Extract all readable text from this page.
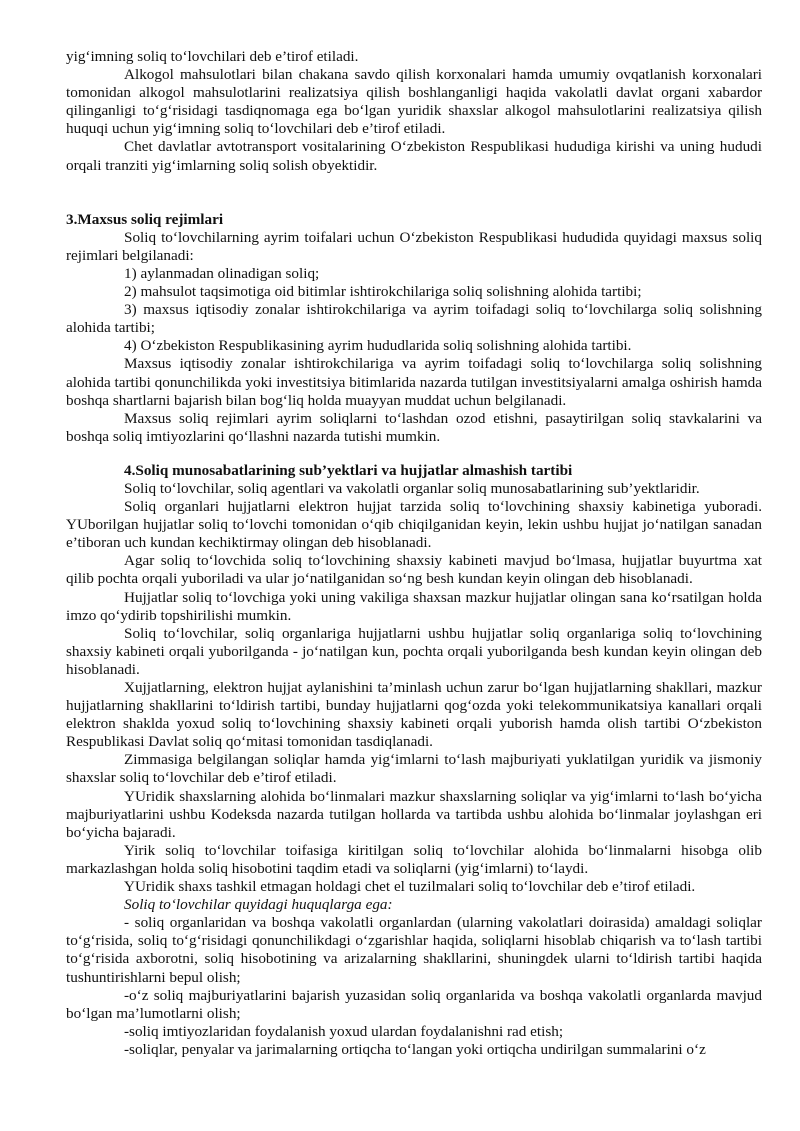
yig‘imning soliq to‘lovchilari deb e’tirof etiladi.

Alkogol mahsulotlari bilan chakana savdo qilish korxonalari hamda umumiy ovqatlanish korxonalari tomonidan alkogol mahsulotlarini realizatsiya qilish boshlanganligi haqida vakolatli davlat organi xabardor qilinganligi to‘g‘risidagi tasdiqnomaga ega bo‘lgan yuridik shaxslar alkogol mahsulotlarini realizatsiya qilish huquqi uchun yig‘imning soliq to‘lovchilari deb e’tirof etiladi.

Chet davlatlar avtotransport vositalarining O‘zbekiston Respublikasi hududiga kirishi va uning hududi orqali tranziti yig‘imlarning soliq solish obyektidir.

3.Maxsus soliq rejimlari

Soliq to‘lovchilarning ayrim toifalari uchun O‘zbekiston Respublikasi hududida quyidagi maxsus soliq rejimlari belgilanadi:

1) aylanmadan olinadigan soliq;

2) mahsulot taqsimotiga oid bitimlar ishtirokchilariga soliq solishning alohida tartibi;

3) maxsus iqtisodiy zonalar ishtirokchilariga va ayrim toifadagi soliq to‘lovchilarga soliq solishning alohida tartibi;

4) O‘zbekiston Respublikasining ayrim hududlarida soliq solishning alohida tartibi.

Maxsus iqtisodiy zonalar ishtirokchilariga va ayrim toifadagi soliq to‘lovchilarga soliq solishning alohida tartibi qonunchilikda yoki investitsiya bitimlarida nazarda tutilgan investitsiyalarni amalga oshirish hamda boshqa shartlarni bajarish bilan bog‘liq holda muayyan muddat uchun belgilanadi.

Maxsus soliq rejimlari ayrim soliqlarni to‘lashdan ozod etishni, pasaytirilgan soliq stavkalarini va boshqa soliq imtiyozlarini qo‘llashni nazarda tutishi mumkin.

4.Soliq munosabatlarining sub’yektlari va hujjatlar almashish tartibi

Soliq to‘lovchilar, soliq agentlari va vakolatli organlar soliq munosabatlarining sub’yektlaridir.

Soliq organlari hujjatlarni elektron hujjat tarzida soliq to‘lovchining shaxsiy kabinetiga yuboradi. YUborilgan hujjatlar soliq to‘lovchi tomonidan o‘qib chiqilganidan keyin, lekin ushbu hujjat jo‘natilgan sanadan e’tiboran uch kundan kechiktirmay olingan deb hisoblanadi.

Agar soliq to‘lovchida soliq to‘lovchining shaxsiy kabineti mavjud bo‘lmasa, hujjatlar buyurtma xat qilib pochta orqali yuboriladi va ular jo‘natilganidan so‘ng besh kundan keyin olingan deb hisoblanadi.

Hujjatlar soliq to‘lovchiga yoki uning vakiliga shaxsan mazkur hujjatlar olingan sana ko‘rsatilgan holda imzo qo‘ydirib topshirilishi mumkin.

Soliq to‘lovchilar, soliq organlariga hujjatlarni ushbu hujjatlar soliq organlariga soliq to‘lovchining shaxsiy kabineti orqali yuborilganda - jo‘natilgan kun, pochta orqali yuborilganda besh kundan keyin olingan deb hisoblanadi.

Xujjatlarning, elektron hujjat aylanishini ta’minlash uchun zarur bo‘lgan hujjatlarning shakllari, mazkur hujjatlarning shakllarini to‘ldirish tartibi, bunday hujjatlarni qog‘ozda yoki telekommunikatsiya kanallari orqali elektron shaklda yoxud soliq to‘lovchining shaxsiy kabineti orqali yuborish hamda olish tartibi O‘zbekiston Respublikasi Davlat soliq qo‘mitasi tomonidan tasdiqlanadi.

Zimmasiga belgilangan soliqlar hamda yig‘imlarni to‘lash majburiyati yuklatilgan yuridik va jismoniy shaxslar soliq to‘lovchilar deb e’tirof etiladi.

YUridik shaxslarning alohida bo‘linmalari mazkur shaxslarning soliqlar va yig‘imlarni to‘lash bo‘yicha majburiyatlarini ushbu Kodeksda nazarda tutilgan hollarda va tartibda ushbu alohida bo‘linmalar joylashgan eri bo‘yicha bajaradi.

Yirik soliq to‘lovchilar toifasiga kiritilgan soliq to‘lovchilar alohida bo‘linmalarni hisobga olib markazlashgan holda soliq hisobotini taqdim etadi va soliqlarni (yig‘imlarni) to‘laydi.

YUridik shaxs tashkil etmagan holdagi chet el tuzilmalari soliq to‘lovchilar deb e’tirof etiladi.

Soliq to‘lovchilar quyidagi huquqlarga ega:

- soliq organlaridan va boshqa vakolatli organlardan (ularning vakolatlari doirasida) amaldagi soliqlar to‘g‘risida, soliq to‘g‘risidagi qonunchilikdagi o‘zgarishlar haqida, soliqlarni hisoblab chiqarish va to‘lash tartibi to‘g‘risida axborotni, soliq hisobotining va arizalarning shakllarini, shuningdek ularni to‘ldirish tartibi haqida tushuntirishlarni bepul olish;

-o‘z soliq majburiyatlarini bajarish yuzasidan soliq organlarida va boshqa vakolatli organlarda mavjud bo‘lgan ma’lumotlarni olish;

-soliq imtiyozlaridan foydalanish yoxud ulardan foydalanishni rad etish;

-soliqlar, penyalar va jarimalarning ortiqcha to‘langan yoki ortiqcha undirilgan summalarini o‘z
